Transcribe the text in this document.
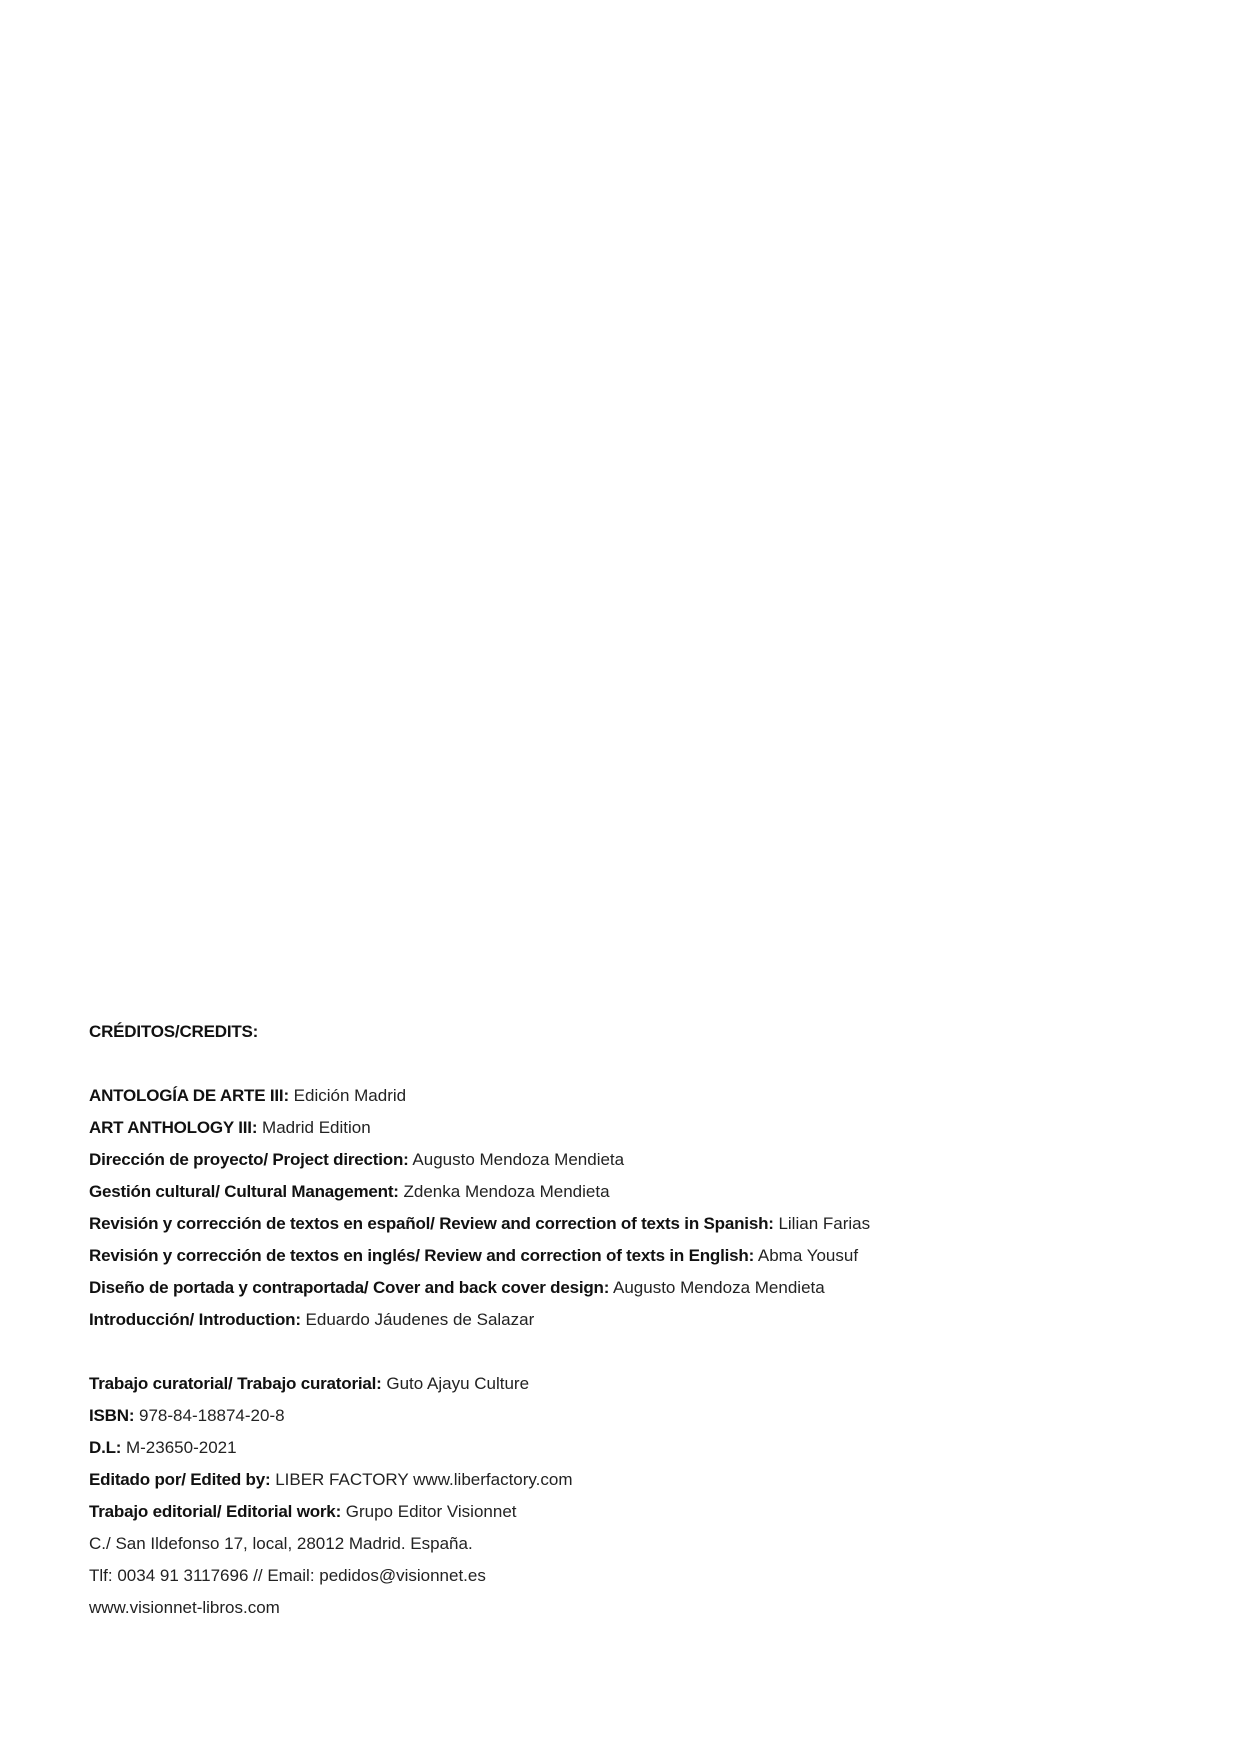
CRÉDITOS/CREDITS:
ANTOLOGÍA DE ARTE III: Edición Madrid
ART ANTHOLOGY III: Madrid Edition
Dirección de proyecto/ Project direction: Augusto Mendoza Mendieta
Gestión cultural/ Cultural Management: Zdenka Mendoza Mendieta
Revisión y corrección de textos en español/ Review and correction of texts in Spanish: Lilian Farias
Revisión y corrección de textos en inglés/ Review and correction of texts in English: Abma Yousuf
Diseño de portada y contraportada/ Cover and back cover design: Augusto Mendoza Mendieta
Introducción/ Introduction: Eduardo Jáudenes de Salazar
Trabajo curatorial/ Trabajo curatorial: Guto Ajayu Culture
ISBN: 978-84-18874-20-8
D.L: M-23650-2021
Editado por/ Edited by: LIBER FACTORY www.liberfactory.com
Trabajo editorial/ Editorial work: Grupo Editor Visionnet
C./ San Ildefonso 17, local, 28012 Madrid. España.
Tlf: 0034 91 3117696 // Email: pedidos@visionnet.es
www.visionnet-libros.com
